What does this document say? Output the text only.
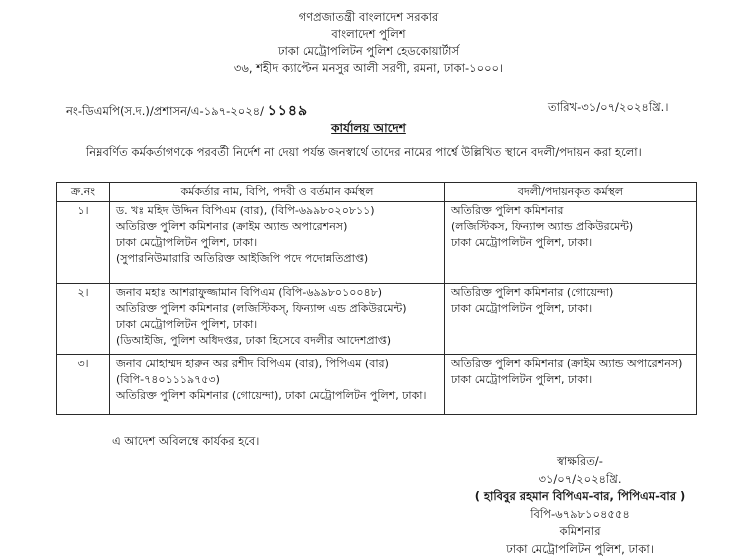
গণপ্রজাতন্ত্রী বাংলাদেশ সরকার
বাংলাদেশ পুলিশ
ঢাকা মেট্রোপলিটন পুলিশ হেডকোয়ার্টার্স
৩৬, শহীদ ক্যাপ্টেন মনসুর আলী সরণী, রমনা, ঢাকা-১০০০।
নং-ডিএমপি(স.দ.)/প্রশাসন/এ-১৯৭-২০২৪/ ১১৪৯	তারিখ-৩১/০৭/২০২৪খ্রি.।
কার্যালয় আদেশ
নিম্নবর্ণিত কর্মকর্তাগণকে পরবর্তী নির্দেশ না দেয়া পর্যন্ত জনস্বার্থে তাদের নামের পার্শ্বে উল্লিখিত স্থানে বদলী/পদায়ন করা হলো।
ক্র.নং	কর্মকর্তার নাম, বিপি, পদবী ও বর্তমান কর্মস্থল	বদলী/পদায়নকৃত কর্মস্থল
১।	ড. খঃ মহিদ উদ্দিন বিপিএম (বার), (বিপি-৬৯৯৮০২০৮১১)
অতিরিক্ত পুলিশ কমিশনার (ক্রাইম অ্যান্ড অপারেশনস)
ঢাকা মেট্রোপলিটন পুলিশ, ঢাকা।
(সুপারনিউমারারি অতিরিক্ত আইজিপি পদে পদোন্নতিপ্রাপ্ত)	অতিরিক্ত পুলিশ কমিশনার
(লজিস্টিকস, ফিন্যান্স অ্যান্ড প্রকিউরমেন্ট)
ঢাকা মেট্রোপলিটন পুলিশ, ঢাকা।

২।	জনাব মহাঃ আশরাফুজ্জামান বিপিএম (বিপি-৬৯৯৮০১০০৪৮)
অতিরিক্ত পুলিশ কমিশনার (লজিস্টিকস্, ফিন্যান্স এন্ড প্রকিউরমেন্ট)
ঢাকা মেট্রোপলিটন পুলিশ, ঢাকা।
(ডিআইজি, পুলিশ অধিদপ্তর, ঢাকা হিসেবে বদলীর আদেশপ্রাপ্ত)	অতিরিক্ত পুলিশ কমিশনার (গোয়েন্দা)
ঢাকা মেট্রোপলিটন পুলিশ, ঢাকা।

৩।	জনাব মোহাম্মদ হারুন অর রশীদ বিপিএম (বার), পিপিএম (বার)
(বিপি-৭৪০১১১৯৭৫৩)
অতিরিক্ত পুলিশ কমিশনার (গোয়েন্দা), ঢাকা মেট্রোপলিটন পুলিশ, ঢাকা।	অতিরিক্ত পুলিশ কমিশনার (ক্রাইম অ্যান্ড অপারেশনস)
ঢাকা মেট্রোপলিটন পুলিশ, ঢাকা।
এ আদেশ অবিলম্বে কার্যকর হবে।
স্বাক্ষরিত/-
৩১/০৭/২০২৪খ্রি.
( হাবিবুর রহমান বিপিএম-বার, পিপিএম-বার )
বিপি-৬৭৯৮১০৪৫৫৪
কমিশনার
ঢাকা মেট্রোপলিটন পুলিশ, ঢাকা।
